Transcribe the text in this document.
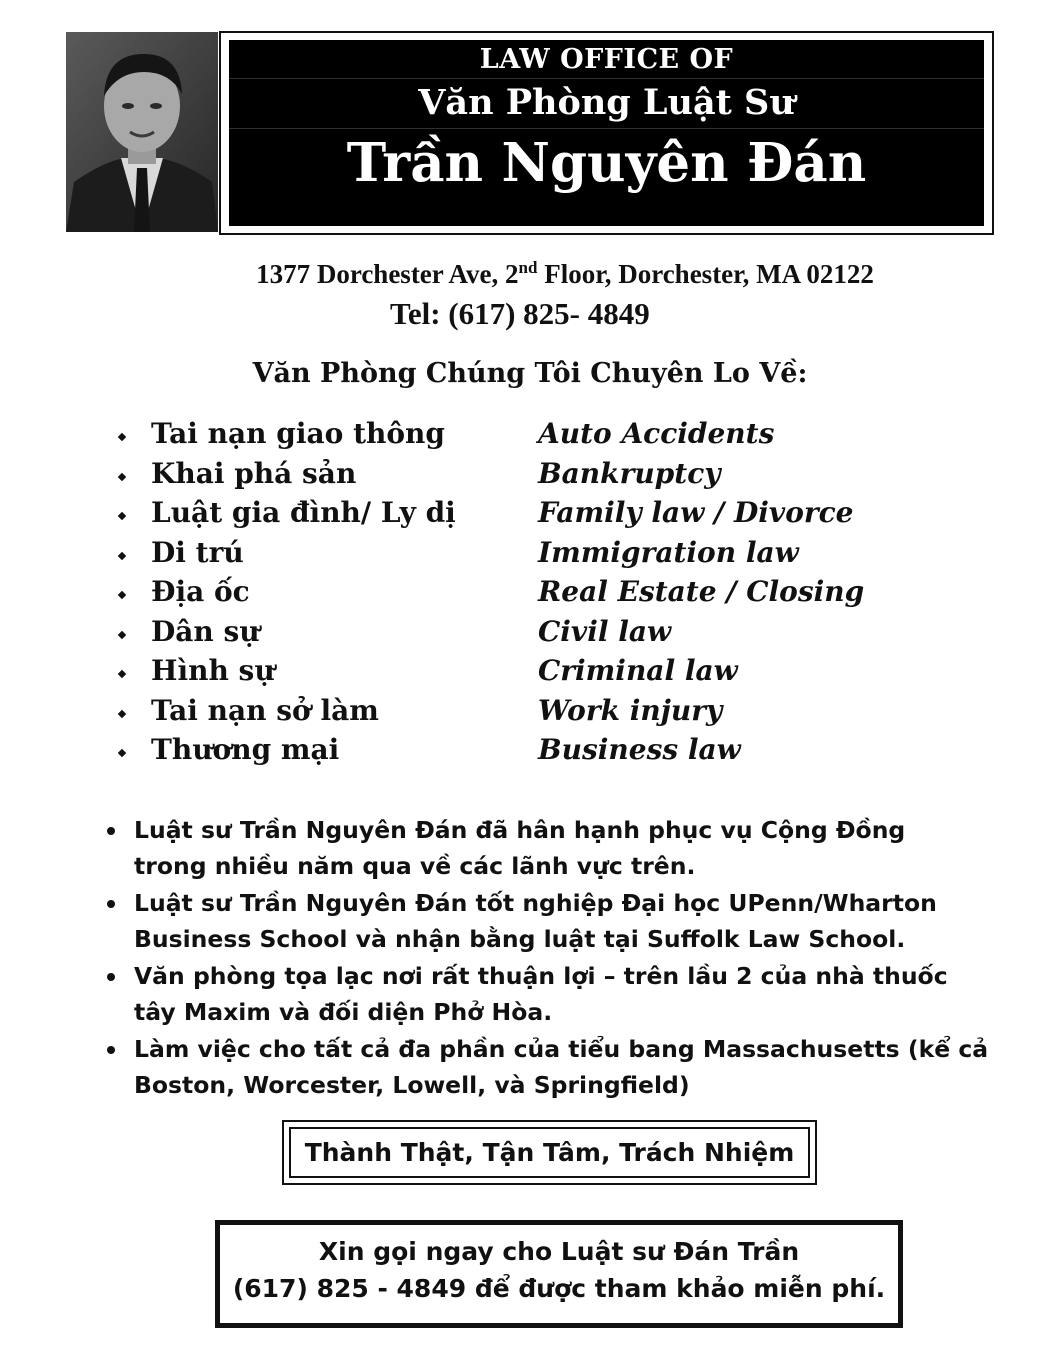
LAW OFFICE OF
Văn Phòng Luật Sư
Trần Nguyên Đán
1377 Dorchester Ave, 2nd Floor, Dorchester, MA 02122
Tel: (617) 825- 4849
Văn Phòng Chúng Tôi Chuyên Lo Về:
Tai nạn giao thông	Auto Accidents
Khai phá sản	Bankruptcy
Luật gia đình/ Ly dị	Family law / Divorce
Di trú	Immigration law
Địa ốc	Real Estate / Closing
Dân sự	Civil law
Hình sự	Criminal law
Tai nạn sở làm	Work injury
Thương mại	Business law
Luật sư Trần Nguyên Đán đã hân hạnh phục vụ Cộng Đồng
trong nhiều năm qua về các lãnh vực trên.
Luật sư Trần Nguyên Đán tốt nghiệp Đại học UPenn/Wharton
Business School và nhận bằng luật tại Suffolk Law School.
Văn phòng tọa lạc nơi rất thuận lợi – trên lầu 2 của nhà thuốc
tây Maxim và đối diện Phở Hòa.
Làm việc cho tất cả đa phần của tiểu bang Massachusetts (kể cả
Boston, Worcester, Lowell, và Springfield)
Thành Thật, Tận Tâm, Trách Nhiệm
Xin gọi ngay cho Luật sư Đán Trần
(617) 825 - 4849 để được tham khảo miễn phí.
